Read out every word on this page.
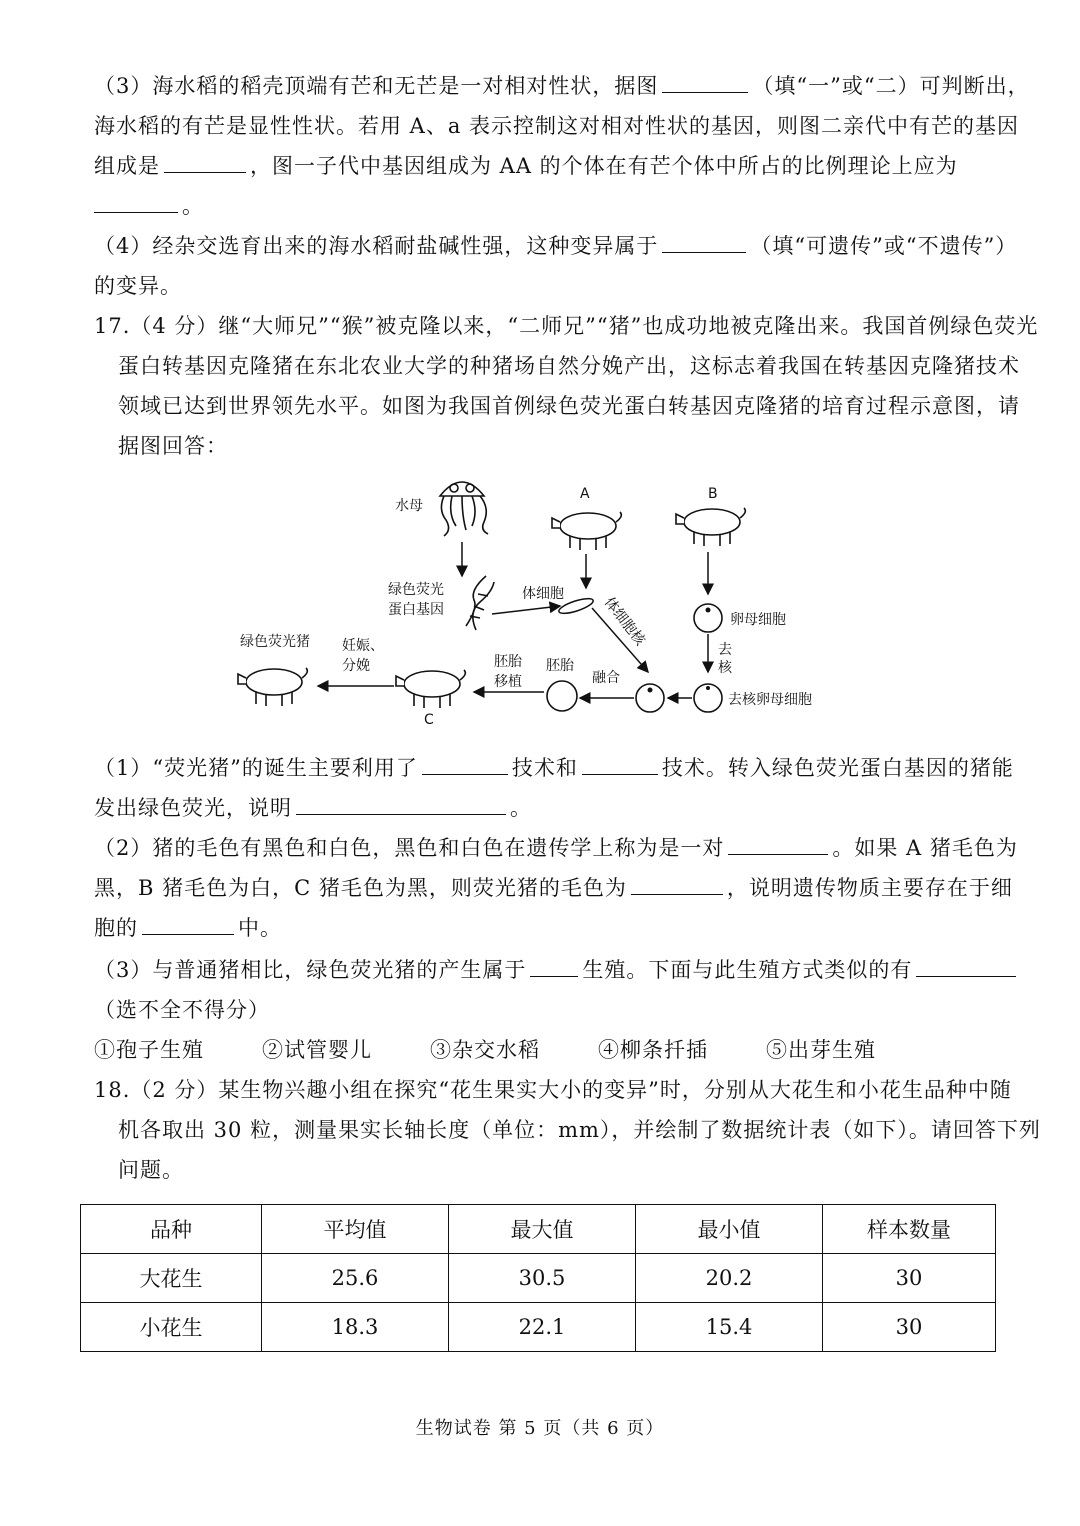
（3）海水稻的稻壳顶端有芒和无芒是一对相对性状，据图	（填“一”或“二）可判断出，
海水稻的有芒是显性性状。若用 A、a 表示控制这对相对性状的基因，则图二亲代中有芒的基因
组成是	，图一子代中基因组成为 AA 的个体在有芒个体中所占的比例理论上应为
。
（4）经杂交选育出来的海水稻耐盐碱性强，这种变异属于	（填“可遗传”或“不遗传”）
的变异。
17.（4 分）继“大师兄”“猴”被克隆以来，“二师兄”“猪”也成功地被克隆出来。我国首例绿色荧光
蛋白转基因克隆猪在东北农业大学的种猪场自然分娩产出，这标志着我国在转基因克隆猪技术
领域已达到世界领先水平。如图为我国首例绿色荧光蛋白转基因克隆猪的培育过程示意图，请
据图回答：
水母
绿色荧光
蛋白基因
A
体细胞
体细胞核
B
卵母细胞
去
核
去核卵母细胞
融合
胚胎
胚胎
移植
C
妊娠、
分娩
绿色荧光猪
（1）“荧光猪”的诞生主要利用了	技术和	技术。转入绿色荧光蛋白基因的猪能
发出绿色荧光，说明	。
（2）猪的毛色有黑色和白色，黑色和白色在遗传学上称为是一对	。如果 A 猪毛色为
黑，B 猪毛色为白，C 猪毛色为黑，则荧光猪的毛色为	，说明遗传物质主要存在于细
胞的	中。
（3）与普通猪相比，绿色荧光猪的产生属于	生殖。下面与此生殖方式类似的有
（选不全不得分）
①孢子生殖	②试管婴儿	③杂交水稻	④柳条扦插	⑤出芽生殖
18.（2 分）某生物兴趣小组在探究“花生果实大小的变异”时，分别从大花生和小花生品种中随
机各取出 30 粒，测量果实长轴长度（单位：mm），并绘制了数据统计表（如下）。请回答下列
问题。
品种	平均值	最大值	最小值	样本数量
大花生	25.6	30.5	20.2	30
小花生	18.3	22.1	15.4	30
生物试卷 第 5 页（共 6 页）
